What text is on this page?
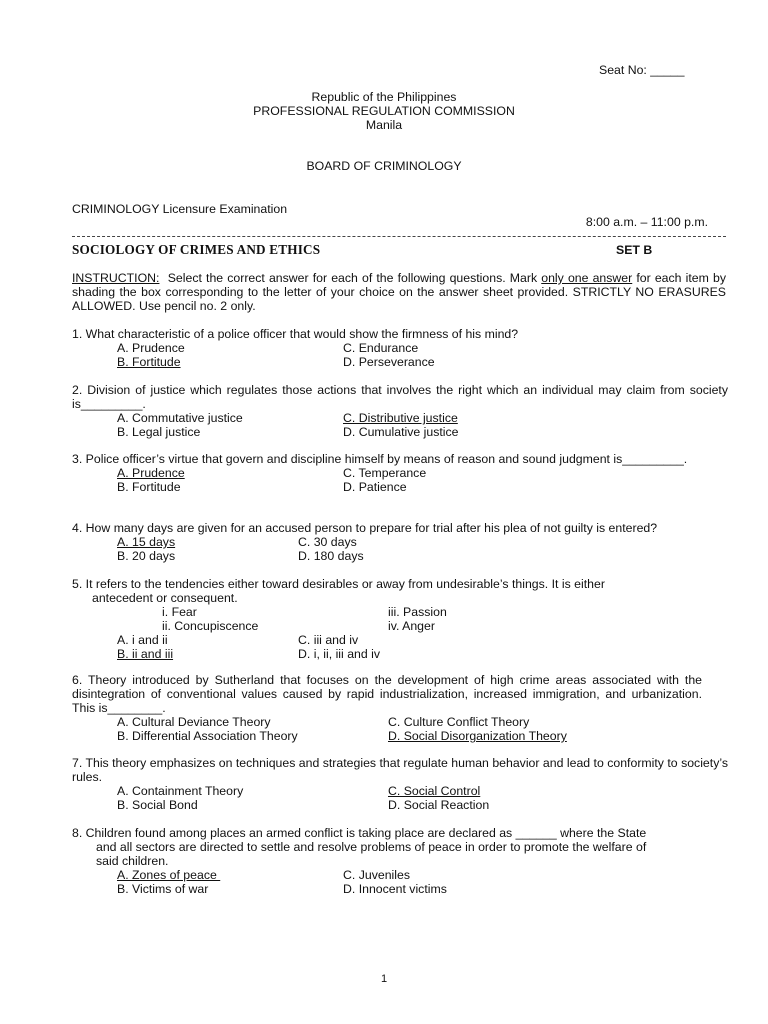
Seat No: _____
Republic of the Philippines
PROFESSIONAL REGULATION COMMISSION
Manila
BOARD OF CRIMINOLOGY
CRIMINOLOGY Licensure Examination
8:00 a.m. – 11:00 p.m.
SOCIOLOGY OF CRIMES AND ETHICS	SET B
INSTRUCTION: Select the correct answer for each of the following questions. Mark only one answer for each item by shading the box corresponding to the letter of your choice on the answer sheet provided. STRICTLY NO ERASURES ALLOWED. Use pencil no. 2 only.
1. What characteristic of a police officer that would show the firmness of his mind?
A. Prudence	C. Endurance
B. Fortitude	D. Perseverance
2. Division of justice which regulates those actions that involves the right which an individual may claim from society is_________.
A. Commutative justice	C. Distributive justice
B. Legal justice	D. Cumulative justice
3. Police officer’s virtue that govern and discipline himself by means of reason and sound judgment is_________.
A. Prudence	C. Temperance
B. Fortitude	D. Patience
4. How many days are given for an accused person to prepare for trial after his plea of not guilty is entered?
A. 15 days	C. 30 days
B. 20 days	D. 180 days
5. It refers to the tendencies either toward desirables or away from undesirable’s things. It is either
antecedent or consequent.
i. Fear	iii. Passion
ii. Concupiscence	iv. Anger
A. i and ii	C. iii and iv
B. ii and iii	D. i, ii, iii and iv
6. Theory introduced by Sutherland that focuses on the development of high crime areas associated with the disintegration of conventional values caused by rapid industrialization, increased immigration, and urbanization. This is________.
A. Cultural Deviance Theory	C. Culture Conflict Theory
B. Differential Association Theory	D. Social Disorganization Theory
7. This theory emphasizes on techniques and strategies that regulate human behavior and lead to conformity to society’s rules.
A. Containment Theory	C. Social Control
B. Social Bond	D. Social Reaction
8. Children found among places an armed conflict is taking place are declared as ______ where the State
and all sectors are directed to settle and resolve problems of peace in order to promote the welfare of
said children.
A. Zones of peace	C. Juveniles
B. Victims of war	D. Innocent victims
1
